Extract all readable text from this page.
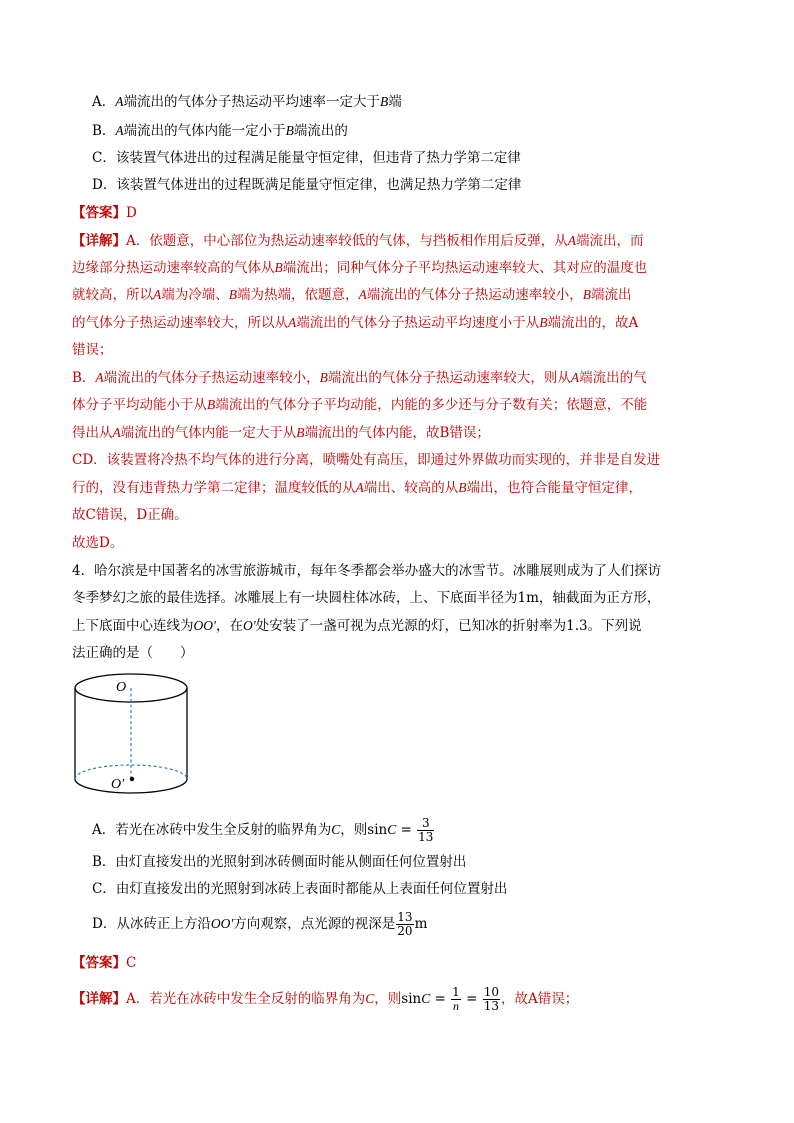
A．A端流出的气体分子热运动平均速率一定大于B端
B．A端流出的气体内能一定小于B端流出的
C．该装置气体进出的过程满足能量守恒定律，但违背了热力学第二定律
D．该装置气体进出的过程既满足能量守恒定律，也满足热力学第二定律
【答案】D
【详解】A．依题意，中心部位为热运动速率较低的气体，与挡板相作用后反弹，从A端流出，而
边缘部分热运动速率较高的气体从B端流出；同种气体分子平均热运动速率较大、其对应的温度也
就较高，所以A端为冷端、B端为热端，依题意，A端流出的气体分子热运动速率较小，B端流出
的气体分子热运动速率较大，所以从A端流出的气体分子热运动平均速度小于从B端流出的，故A
错误；
B．A端流出的气体分子热运动速率较小，B端流出的气体分子热运动速率较大，则从A端流出的气
体分子平均动能小于从B端流出的气体分子平均动能，内能的多少还与分子数有关；依题意，不能
得出从A端流出的气体内能一定大于从B端流出的气体内能，故B错误；
CD．该装置将冷热不均气体的进行分离，喷嘴处有高压，即通过外界做功而实现的，并非是自发进
行的，没有违背热力学第二定律；温度较低的从A端出、较高的从B端出，也符合能量守恒定律，
故C错误，D正确。
故选D。
4．哈尔滨是中国著名的冰雪旅游城市，每年冬季都会举办盛大的冰雪节。冰雕展则成为了人们探访
冬季梦幻之旅的最佳选择。冰雕展上有一块圆柱体冰砖，上、下底面半径为1m，轴截面为正方形，
上下底面中心连线为OO′，在O′处安装了一盏可视为点光源的灯，已知冰的折射率为1.3。下列说
法正确的是（　　）
O
O′
A．若光在冰砖中发生全反射的临界角为C，则$\sin C = \frac{3}{13}$
B．由灯直接发出的光照射到冰砖侧面时能从侧面任何位置射出
C．由灯直接发出的光照射到冰砖上表面时都能从上表面任何位置射出
D．从冰砖正上方沿OO′方向观察，点光源的视深是 $\frac{13}{20}$ m
【答案】C
【详解】A．若光在冰砖中发生全反射的临界角为C，则$\sin C = \frac{1}{n} = \frac{10}{13}$ ，故A错误；
